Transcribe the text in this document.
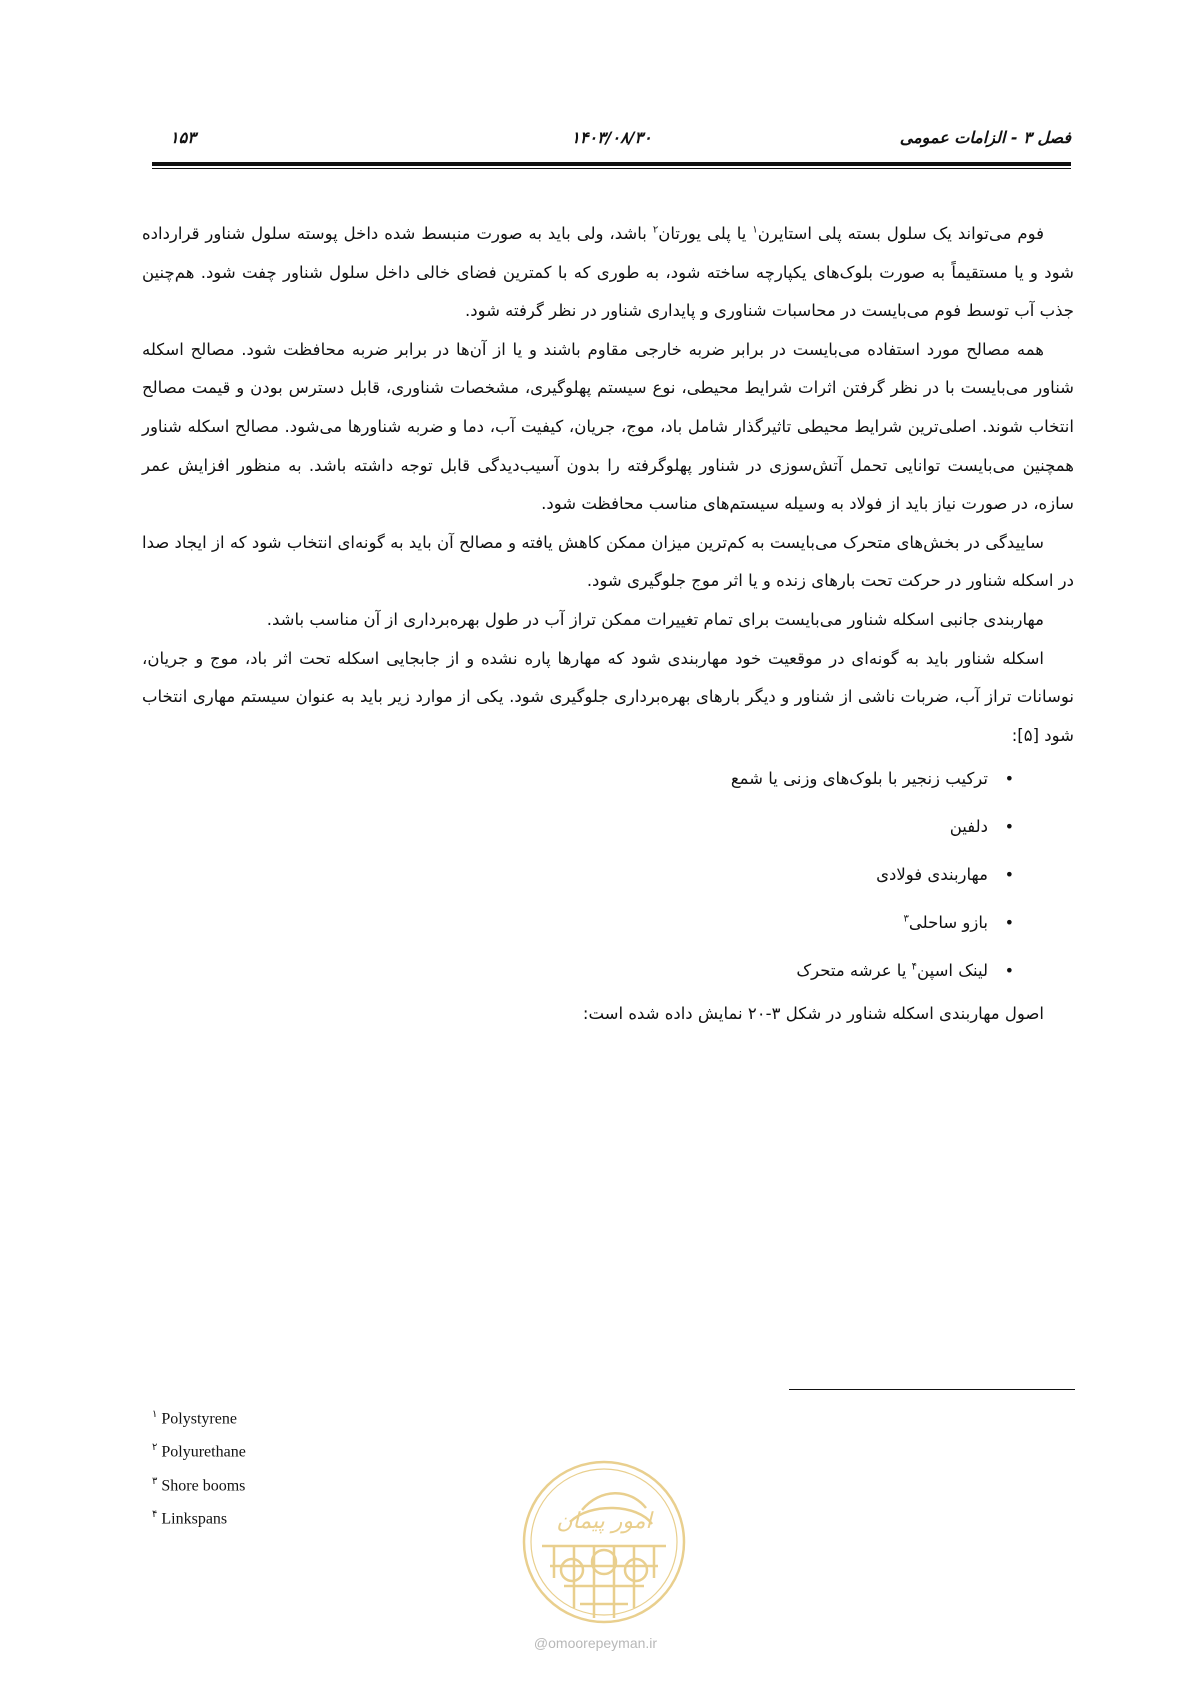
فصل ۳ - الزامات عمومی
۱۴۰۳/۰۸/۳۰
۱۵۳

فوم می‌تواند یک سلول بسته پلی استایرن$^۱$ یا پلی یورتان$^۲$ باشد، ولی باید به صورت منبسط شده داخل پوسته سلول شناور قرارداده شود و یا مستقیماً به صورت بلوک‌های یکپارچه ساخته شود، به طوری که با کمترین فضای خالی داخل سلول شناور چفت شود. هم‌چنین جذب آب توسط فوم می‌بایست در محاسبات شناوری و پایداری شناور در نظر گرفته شود.

همه مصالح مورد استفاده می‌بایست در برابر ضربه خارجی مقاوم باشند و یا از آن‌ها در برابر ضربه محافظت شود. مصالح اسکله شناور می‌بایست با در نظر گرفتن اثرات شرایط محیطی، نوع سیستم پهلوگیری، مشخصات شناوری، قابل دسترس بودن و قیمت مصالح انتخاب شوند. اصلی‌ترین شرایط محیطی تاثیرگذار شامل باد، موج، جریان، کیفیت آب، دما و ضربه شناورها می‌شود. مصالح اسکله شناور همچنین می‌بایست توانایی تحمل آتش‌سوزی در شناور پهلوگرفته را بدون آسیب‌دیدگی قابل توجه داشته باشد. به منظور افزایش عمر سازه، در صورت نیاز باید از فولاد به وسیله سیستم‌های مناسب محافظت شود.

ساییدگی در بخش‌های متحرک می‌بایست به کم‌ترین میزان ممکن کاهش یافته و مصالح آن باید به گونه‌ای انتخاب شود که از ایجاد صدا در اسکله شناور در حرکت تحت بارهای زنده و یا اثر موج جلوگیری شود.

مهاربندی جانبی اسکله شناور می‌بایست برای تمام تغییرات ممکن تراز آب در طول بهره‌برداری از آن مناسب باشد.

اسکله شناور باید به گونه‌ای در موقعیت خود مهاربندی شود که مهارها پاره نشده و از جابجایی اسکله تحت اثر باد، موج و جریان، نوسانات تراز آب، ضربات ناشی از شناور و دیگر بارهای بهره‌برداری جلوگیری شود. یکی از موارد زیر باید به عنوان سیستم مهاری انتخاب شود [۵]:

• ترکیب زنجیر با بلوک‌های وزنی یا شمع
• دلفین
• مهاربندی فولادی
• بازو ساحلی$^۳$
• لینک اسپن$^۴$ یا عرشه متحرک

اصول مهاربندی اسکله شناور در شکل ۳-۲۰ نمایش داده شده است:

$^۱$ Polystyrene
$^۲$ Polyurethane
$^۳$ Shore booms
$^۴$ Linkspans	امور پیمان
@omoorepeyman.ir
